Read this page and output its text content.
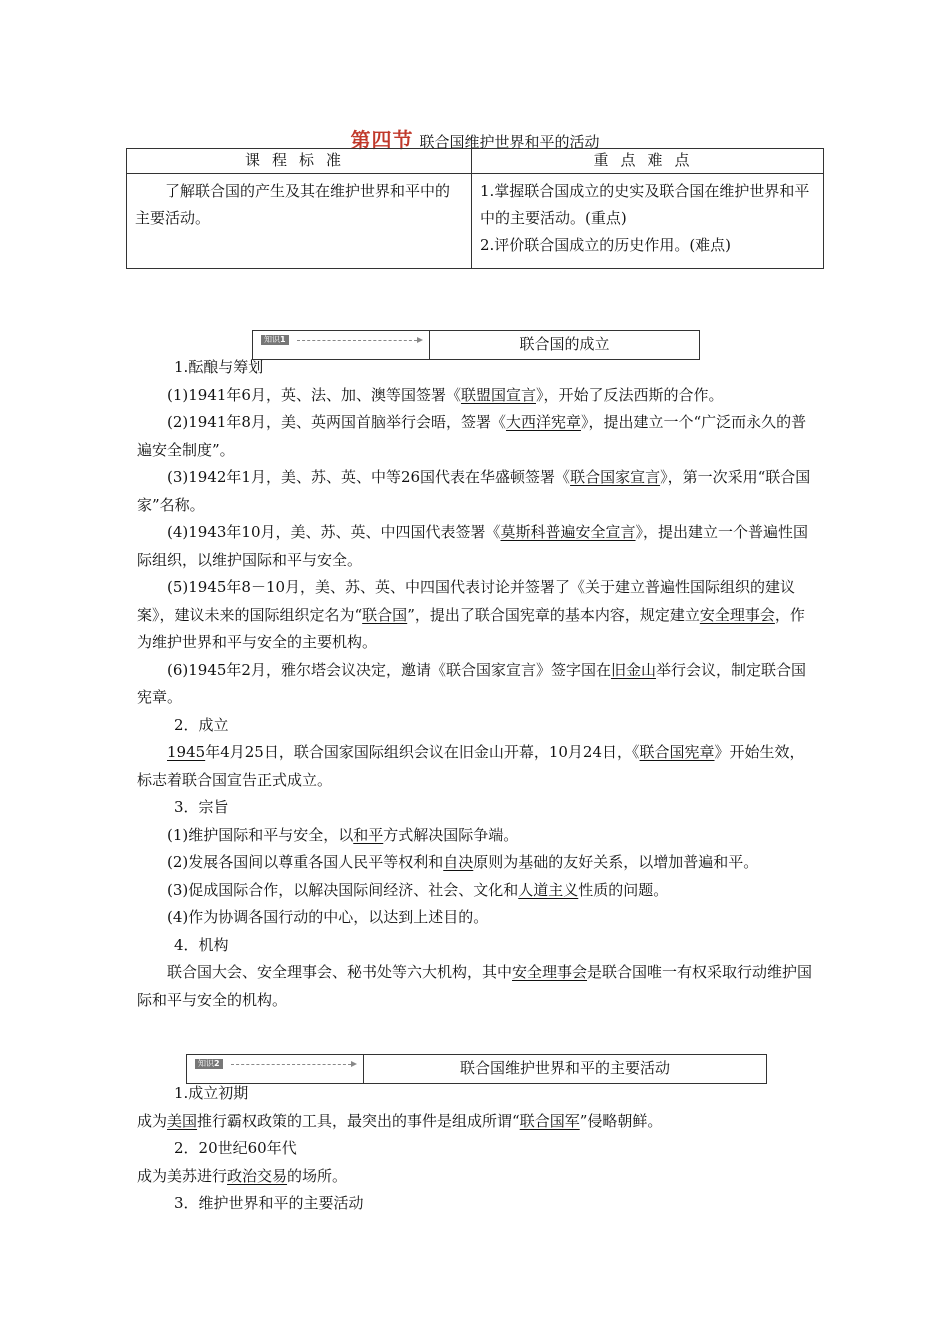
第四节 联合国维护世界和平的活动
课程标准	重点难点
了解联合国的产生及其在维护世界和平中的主要活动。	1.掌握联合国成立的史实及联合国在维护世界和平中的主要活动。(重点)
2.评价联合国成立的历史作用。(难点)
知识1	联合国的成立

1.酝酿与筹划

(1)1941年6月，英、法、加、澳等国签署《联盟国宣言》，开始了反法西斯的合作。

(2)1941年8月，美、英两国首脑举行会晤，签署《大西洋宪章》，提出建立一个“广泛而永久的普遍安全制度”。

(3)1942年1月，美、苏、英、中等26国代表在华盛顿签署《联合国家宣言》，第一次采用“联合国家”名称。

(4)1943年10月，美、苏、英、中四国代表签署《莫斯科普遍安全宣言》，提出建立一个普遍性国际组织，以维护国际和平与安全。

(5)1945年8－10月，美、苏、英、中四国代表讨论并签署了《关于建立普遍性国际组织的建议案》，建议未来的国际组织定名为“联合国”，提出了联合国宪章的基本内容，规定建立安全理事会，作为维护世界和平与安全的主要机构。

(6)1945年2月，雅尔塔会议决定，邀请《联合国家宣言》签字国在旧金山举行会议，制定联合国宪章。

2．成立

1945年4月25日，联合国家国际组织会议在旧金山开幕，10月24日，《联合国宪章》开始生效，标志着联合国宣告正式成立。

3．宗旨

(1)维护国际和平与安全，以和平方式解决国际争端。

(2)发展各国间以尊重各国人民平等权利和自决原则为基础的友好关系，以增加普遍和平。

(3)促成国际合作，以解决国际间经济、社会、文化和人道主义性质的问题。

(4)作为协调各国行动的中心，以达到上述目的。

4．机构

联合国大会、安全理事会、秘书处等六大机构，其中安全理事会是联合国唯一有权采取行动维护国际和平与安全的机构。

知识2	联合国维护世界和平的主要活动

1.成立初期

成为美国推行霸权政策的工具，最突出的事件是组成所谓“联合国军”侵略朝鲜。

2．20世纪60年代

成为美苏进行政治交易的场所。

3．维护世界和平的主要活动
